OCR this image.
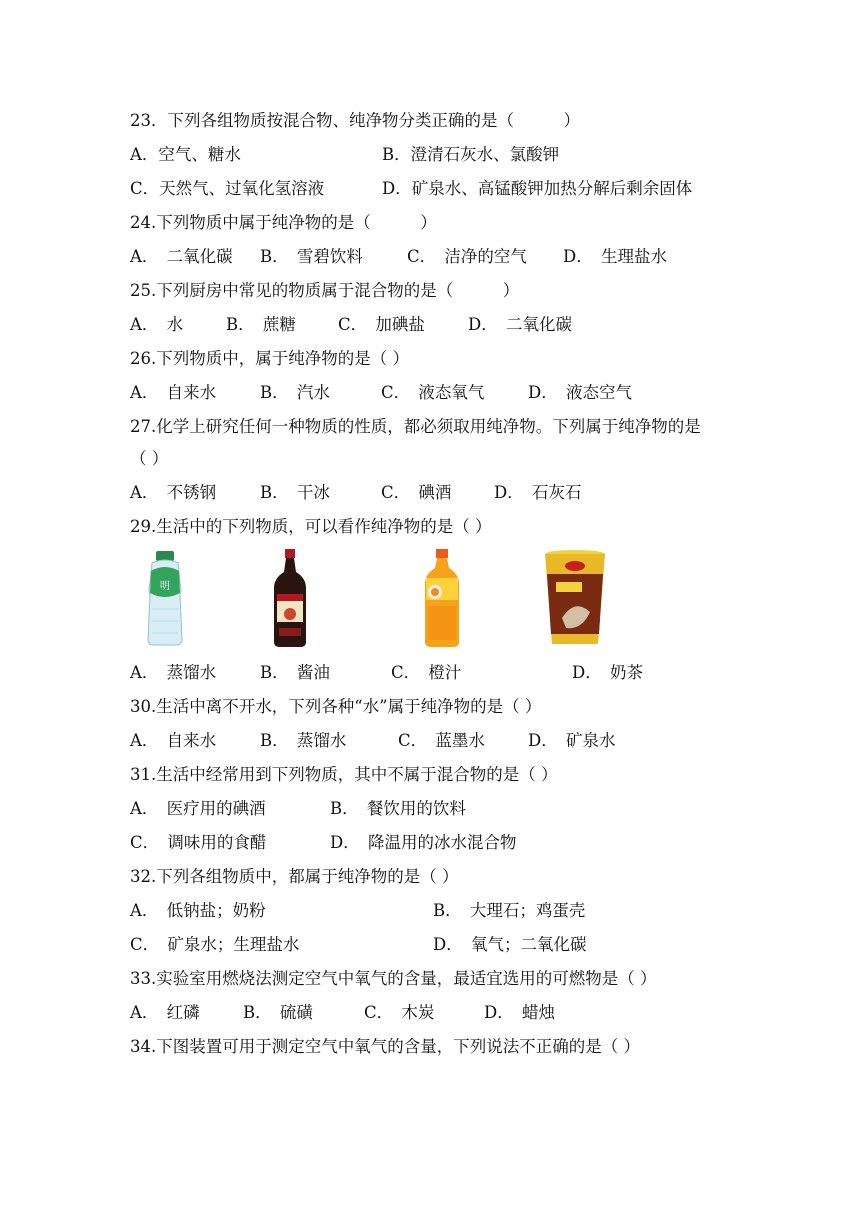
23．下列各组物质按混合物、纯净物分类正确的是（　　　）
A．空气、糖水	B．澄清石灰水、氯酸钾
C．天然气、过氧化氢溶液	D．矿泉水、高锰酸钾加热分解后剩余固体
24.下列物质中属于纯净物的是（　　　）
A．　二氧化碳 B．　雪碧饮料	C．　洁净的空气 D．　生理盐水
25.下列厨房中常见的物质属于混合物的是（　　　）
A．　水	B．　蔗糖	C．　加碘盐	D．　二氧化碳
26.下列物质中，属于纯净物的是（ ）
A．　自来水	B．　汽水	C．　液态氧气	D．　液态空气
27.化学上研究任何一种物质的性质，都必须取用纯净物。下列属于纯净物的是
（ ）
A．　不锈钢	B．　干冰	C．　碘酒	D．　石灰石
29.生活中的下列物质，可以看作纯净物的是（ ）
明
A．　蒸馏水	B．　酱油	C．　橙汁	D．　奶茶
30.生活中离不开水，下列各种“水”属于纯净物的是（ ）
A．　自来水	B．　蒸馏水	C．　蓝墨水	D．　矿泉水
31.生活中经常用到下列物质，其中不属于混合物的是（ ）
A．　医疗用的碘酒	B．　餐饮用的饮料
C．　调味用的食醋	D．　降温用的冰水混合物
32.下列各组物质中，都属于纯净物的是（ ）
A．　低钠盐；奶粉	B．　大理石；鸡蛋壳
C．　矿泉水；生理盐水	D．　氧气；二氧化碳
33.实验室用燃烧法测定空气中氧气的含量，最适宜选用的可燃物是（ ）
A．　红磷	B．　硫磺	C．　木炭	D．　蜡烛
34.下图装置可用于测定空气中氧气的含量，下列说法不正确的是（ ）
